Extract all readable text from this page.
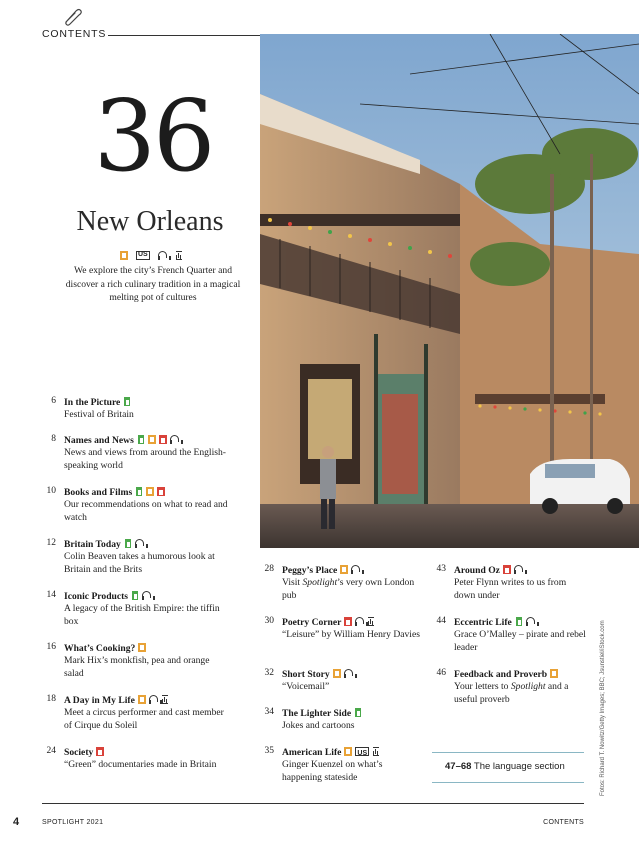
CONTENTS
36
New Orleans
US
We explore the city’s French Quarter and discover a rich culinary tradition in a magical melting pot of cultures
Fotos: Richard T. Nowitz/Getty Images; BBC; Jsunstiel/iStock.com
6 In the Picture
Festival of Britain
8 Names and News
News and views from around the English-speaking world
10 Books and Films
Our recommendations on what to read and watch
12 Britain Today
Colin Beaven takes a humorous look at Britain and the Brits
14 Iconic Products
A legacy of the British Empire: the tiffin box
16 What’s Cooking?
Mark Hix’s monkfish, pea and orange salad
18 A Day in My Life
Meet a circus performer and cast member of Cirque du Soleil
24 Society
“Green” documentaries made in Britain
28 Peggy’s Place
Visit Spotlight’s very own London pub
30 Poetry Corner
“Leisure” by William Henry Davies
32 Short Story
“Voicemail”
34 The Lighter Side
Jokes and cartoons
35 American LifeUS
Ginger Kuenzel on what’s happening stateside
43 Around Oz
Peter Flynn writes to us from down under
44 Eccentric Life
Grace O’Malley – pirate and rebel leader
46 Feedback and Proverb
Your letters to Spotlight and a useful proverb
47–68 The language section
4	SPOTLIGHT 2021	CONTENTS
